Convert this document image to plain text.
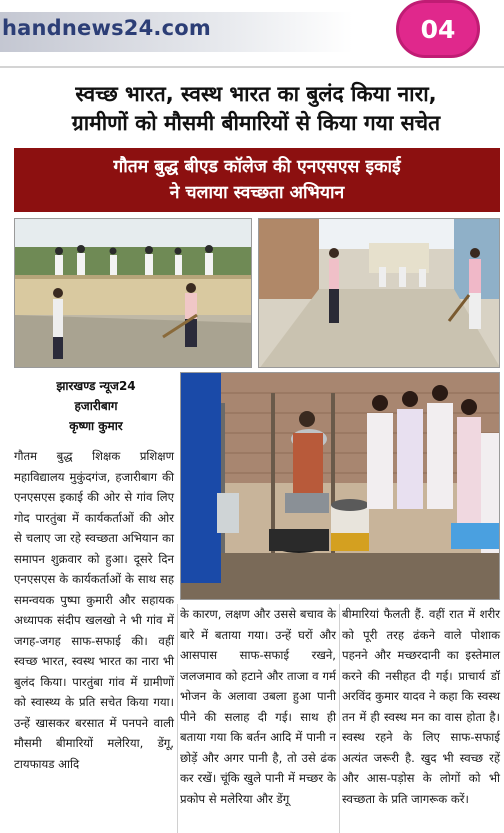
handnews24.com	04
स्वच्छ भारत, स्वस्थ भारत का बुलंद किया नारा,
ग्रामीणों को मौसमी बीमारियों से किया गया सचेत
गौतम बुद्ध बीएड कॉलेज की एनएसएस इकाई
ने चलाया स्वच्छता अभियान
झारखण्ड न्यूज24
हजारीबाग
कृष्णा कुमार
गौतम बुद्ध शिक्षक प्रशिक्षण महाविद्यालय मुकुंदगंज, हजारीबाग की एनएसएस इकाई की ओर से गांव लिए गोद पारतुंबा में कार्यकर्ताओं की ओर से चलाए जा रहे स्वच्छता अभियान का समापन शुक्रवार को हुआ। दूसरे दिन एनएसएस के कार्यकर्ताओं के साथ सह समन्वयक पुष्पा कुमारी और सहायक अध्यापक संदीप खलखो ने भी गांव में जगह-जगह साफ-सफाई की। वहीं स्वच्छ भारत, स्वस्थ भारत का नारा भी बुलंद किया। पारतुंबा गांव में ग्रामीणों को स्वास्थ्य के प्रति सचेत किया गया। उन्हें खासकर बरसात में पनपने वाली मौसमी बीमारियों मलेरिया, डेंगू, टायफायड आदि
के कारण, लक्षण और उससे बचाव के बारे में बताया गया। उन्हें घरों और आसपास साफ-सफाई रखने, जलजमाव को हटाने और ताजा व गर्म भोजन के अलावा उबला हुआ पानी पीने की सलाह दी गई। साथ ही बताया गया कि बर्तन आदि में पानी न छोड़ें और अगर पानी है, तो उसे ढंक कर रखें। चूंकि खुले पानी में मच्छर के प्रकोप से मलेरिया और डेंगू
बीमारियां फैलती हैं. वहीं रात में शरीर को पूरी तरह ढंकने वाले पोशाक पहनने और मच्छरदानी का इस्तेमाल करने की नसीहत दी गई। प्राचार्य डॉ अरविंद कुमार यादव ने कहा कि स्वस्थ तन में ही स्वस्थ मन का वास होता है। स्वस्थ रहने के लिए साफ-सफाई अत्यंत जरूरी है. खुद भी स्वच्छ रहें और आस-पड़ोस के लोगों को भी स्वच्छता के प्रति जागरूक करें।
